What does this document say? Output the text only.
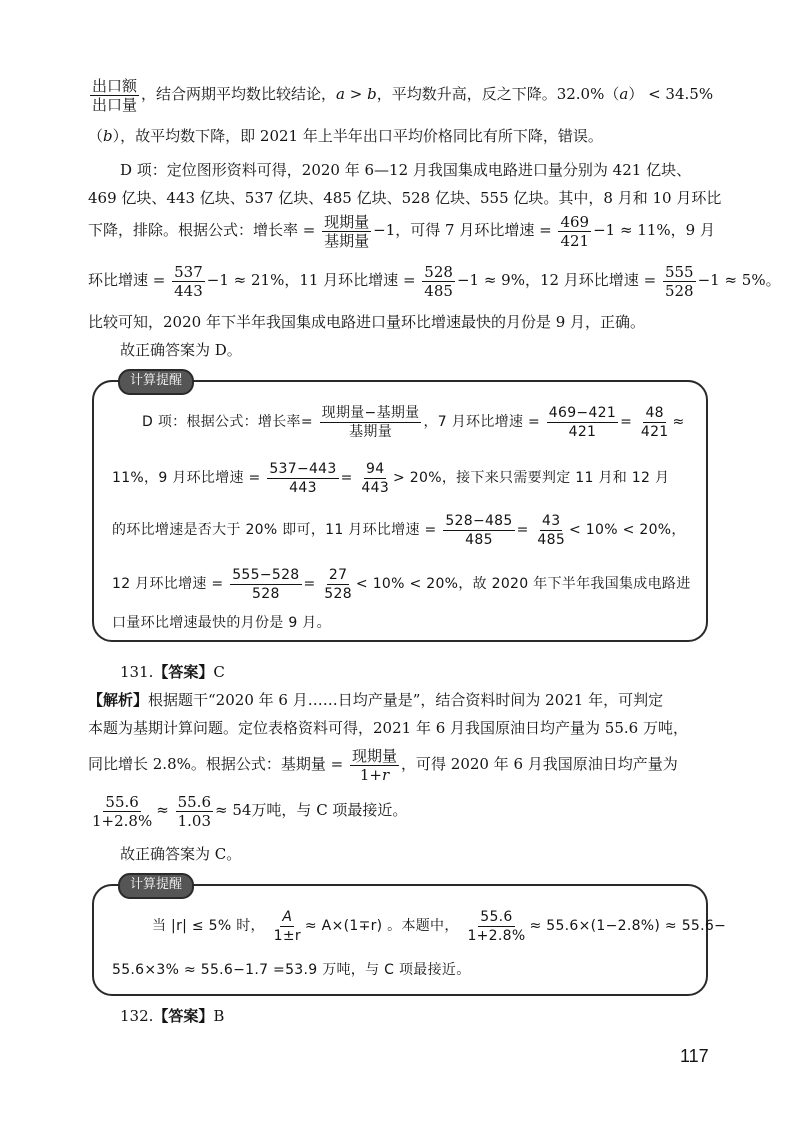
$\frac{\text{出口额}}{\text{出口量}}$ ，结合两期平均数比较结论，a > b，平均数升高，反之下降。32.0%（a） < 34.5%
（b），故平均数下降，即 2021 年上半年出口平均价格同比有所下降，错误。
D 项：定位图形资料可得，2020 年 6—12 月我国集成电路进口量分别为 421 亿块、
469 亿块、443 亿块、537 亿块、485 亿块、528 亿块、555 亿块。其中，8 月和 10 月环比
下降，排除。根据公式：增长率 = $\frac{\text{现期量}}{\text{基期量}} -1$，可得 7 月环比增速 = $\frac{469}{421} -1 \approx 11\%$，9 月
环比增速 = $\frac{537}{443} -1 \approx 21\%$，11 月环比增速 = $\frac{528}{485} -1 \approx 9\%$，12 月环比增速 = $\frac{555}{528} -1 \approx 5\%$。
比较可知，2020 年下半年我国集成电路进口量环比增速最快的月份是 9 月，正确。
故正确答案为 D。
计算提醒
D 项：根据公式：增长率= $\frac{\text{现期量−基期量}}{\text{基期量}}$ ，7 月环比增速 = $\frac{469-421}{421} = \frac{48}{421}$ ≈
11%，9 月环比增速 = $\frac{537-443}{443} = \frac{94}{443} > 20\%$，接下来只需要判定 11 月和 12 月
的环比增速是否大于 20% 即可，11 月环比增速 = $\frac{528-485}{485} = \frac{43}{485} < 10\% < 20\%$，
12 月环比增速 = $\frac{555-528}{528} = \frac{27}{528} < 10\% < 20\%$，故 2020 年下半年我国集成电路进
口量环比增速最快的月份是 9 月。
131.【答案】C
【解析】根据题干“2020 年 6 月……日均产量是”，结合资料时间为 2021 年，可判定
本题为基期计算问题。定位表格资料可得，2021 年 6 月我国原油日均产量为 55.6 万吨，
同比增长 2.8%。根据公式：基期量 = $\frac{\text{现期量}}{1+r}$ ，可得 2020 年 6 月我国原油日均产量为
$\frac{55.6}{1+2.8\%} \approx \frac{55.6}{1.03} \approx 54$万吨，与 C 项最接近。
故正确答案为 C。
计算提醒
当 |r| ≤ 5% 时， $\frac{A}{1\pm r} \approx A\times(1\mp r)$ 。本题中， $\frac{55.6}{1+2.8\%} \approx 55.6\times(1-2.8\%) \approx 55.6-$
55.6×3% ≈ 55.6−1.7 =53.9 万吨，与 C 项最接近。
132.【答案】B
117
